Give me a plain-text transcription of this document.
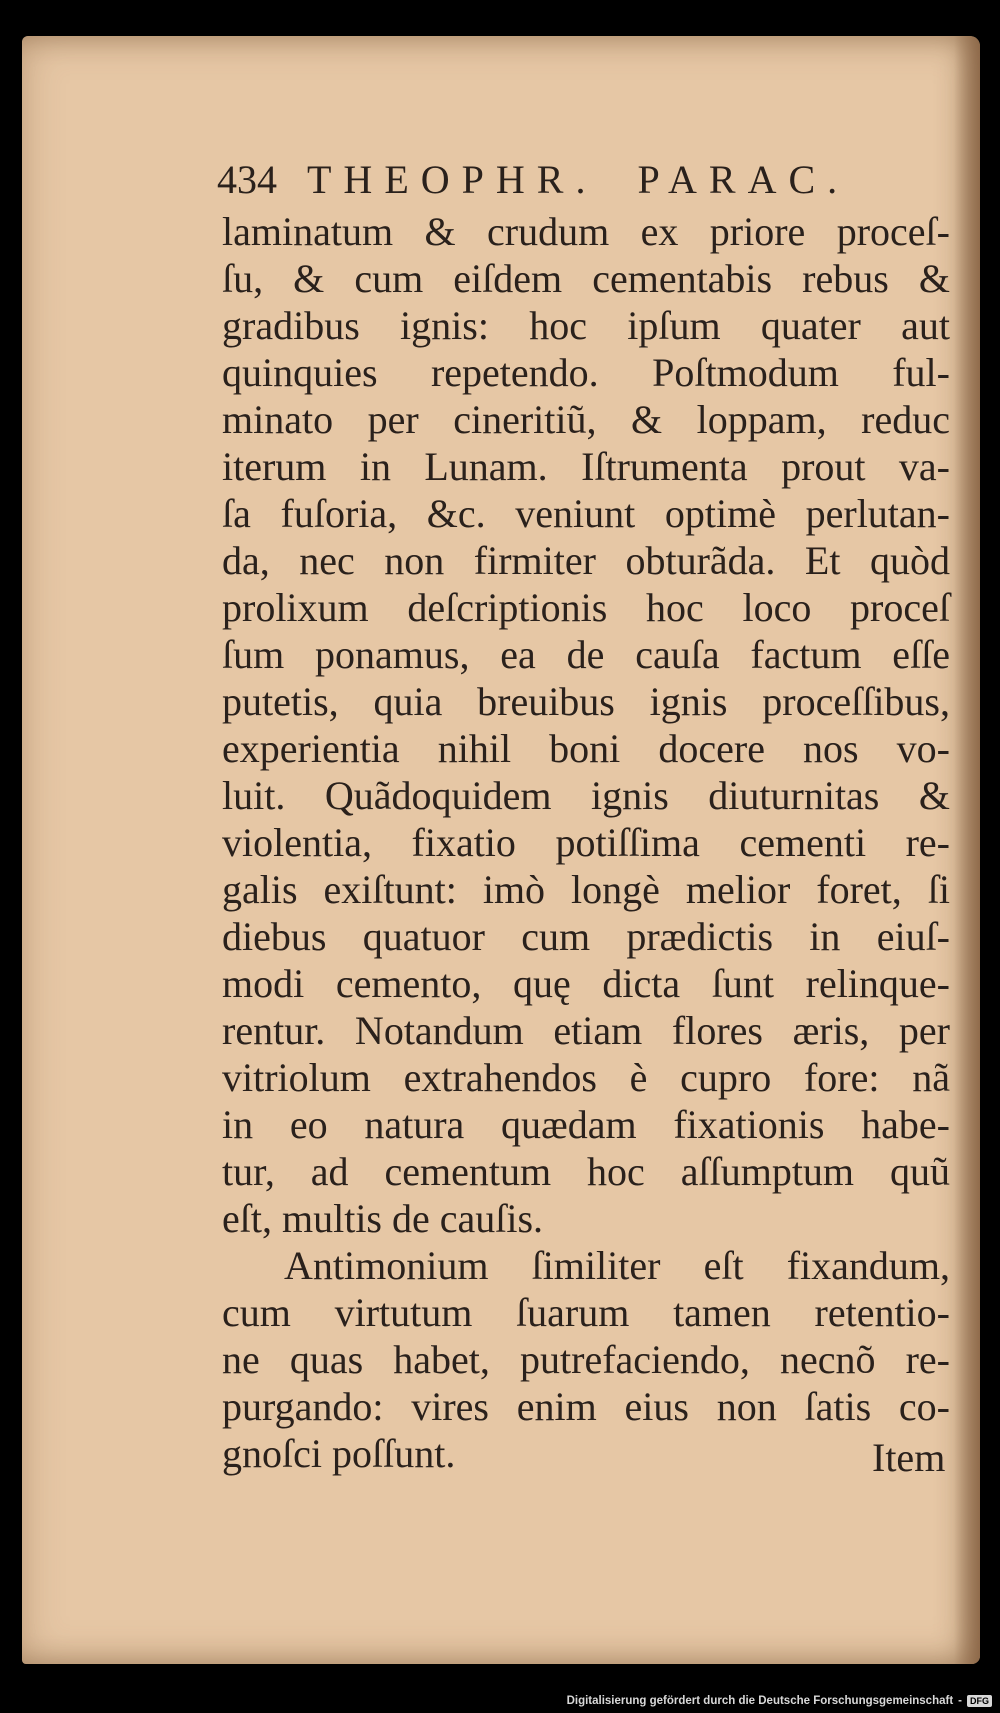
434 THEOPHR. PARAC.
laminatum & crudum ex priore proceſ-
ſu, & cum eiſdem cementabis rebus &
gradibus ignis: hoc ipſum quater aut
quinquies repetendo. Poſtmodum ful-
minato per cineritiũ, & loppam, reduc
iterum in Lunam. Iſtrumenta prout va-
ſa fuſoria, &c. veniunt optimè perlutan-
da, nec non firmiter obturãda. Et quòd
prolixum deſcriptionis hoc loco proceſ
ſum ponamus, ea de cauſa factum eſſe
putetis, quia breuibus ignis proceſſibus,
experientia nihil boni docere nos vo-
luit. Quãdoquidem ignis diuturnitas &
violentia, fixatio potiſſima cementi re-
galis exiſtunt: imò longè melior foret, ſi
diebus quatuor cum prædictis in eiuſ-
modi cemento, quę dicta ſunt relinque-
rentur. Notandum etiam flores æris, per
vitriolum extrahendos è cupro fore: nã
in eo natura quædam fixationis habe-
tur, ad cementum hoc aſſumptum quũ
eſt, multis de cauſis.
Antimonium ſimiliter eſt fixandum,
cum virtutum ſuarum tamen retentio-
ne quas habet, putrefaciendo, necnõ re-
purgando: vires enim eius non ſatis co-
gnoſci poſſunt.	Item
Digitalisierung gefördert durch die Deutsche Forschungsgemeinschaft - DFG
